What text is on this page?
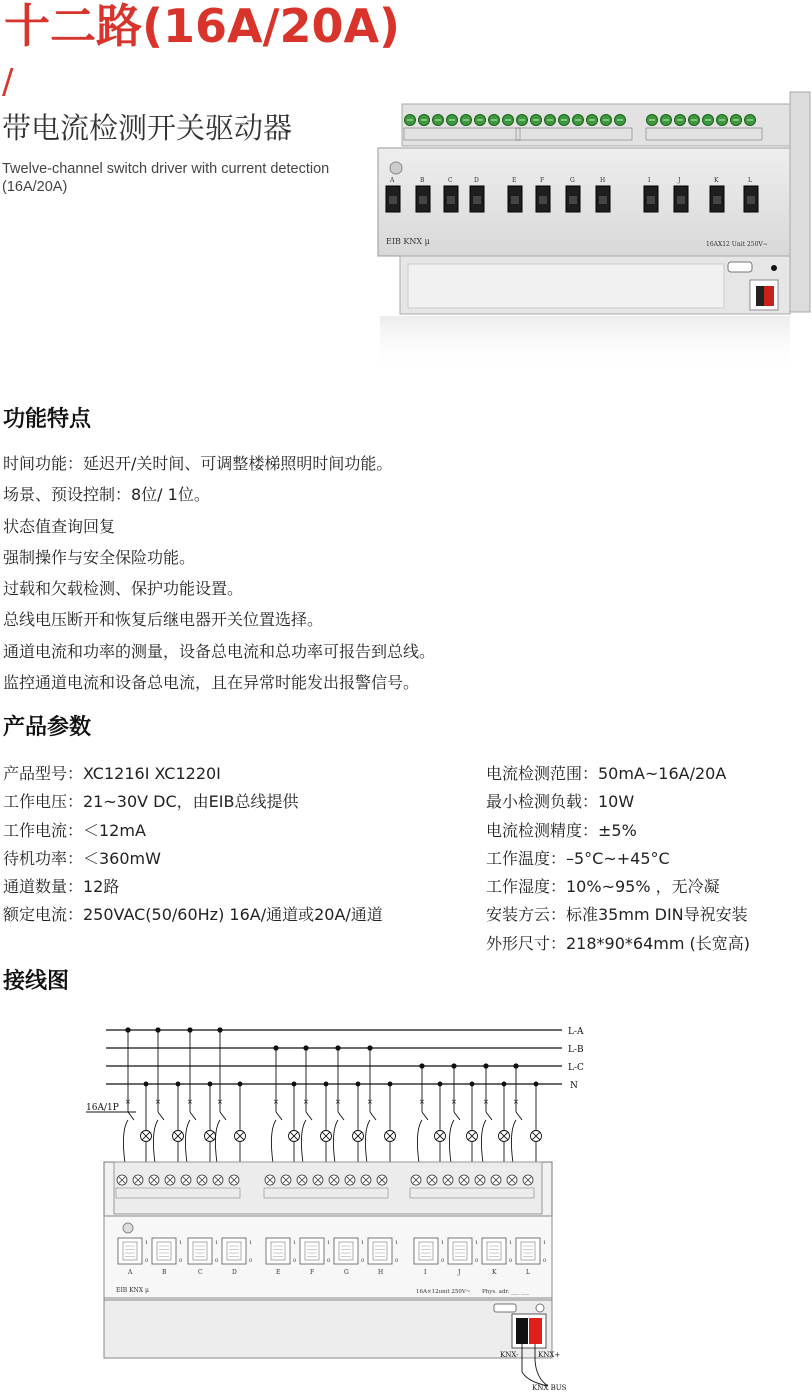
十二路(16A/20A)
/
带电流检测开关驱动器
Twelve-channel switch driver with current detection (16A/20A)	A	B	C	D	E	F	G	H	I	J	K	L
EIB KNX μ	16AX12 Unit 250V~
功能特点
时间功能：延迟开/关时间、可调整楼梯照明时间功能。
场景、预设控制：8位/ 1位。
状态值查询回复
强制操作与安全保险功能。
过载和欠载检测、保护功能设置。
总线电压断开和恢复后继电器开关位置选择。
通道电流和功率的测量，设备总电流和总功率可报告到总线。
监控通道电流和设备总电流，且在异常时能发出报警信号。
产品参数
产品型号：XC1216I XC1220I
工作电压：21~30V DC，由EIB总线提供
工作电流：＜12mA
待机功率：＜360mW
通道数量：12路
额定电流：250VAC(50/60Hz) 16A/通道或20A/通道
电流检测范围：50mA~16A/20A
最小检测负载：10W
电流检测精度：±5%
工作温度：–5°C~+45°C
工作湿度：10%~95% ，无冷凝
安装方云：标准35mm DIN导祝安装
外形尺寸：218*90*64mm (长宽高)
接线图
L-A
L-B
L-C
N
16A/1P
×	×	×	×	×	×	×	×	×	×	×	×
1
0
A
1
0
B
1
0
C
1
0
D
1
0
E
1
0
F
1
0
G
1
0
H
1
0
I
1
0
J
1
0
K
1
0
L
EIB KNX μ	16A×12unit 250V~ Phys. adr. ___ ___
KNX-	KNX+
KNX BUS
